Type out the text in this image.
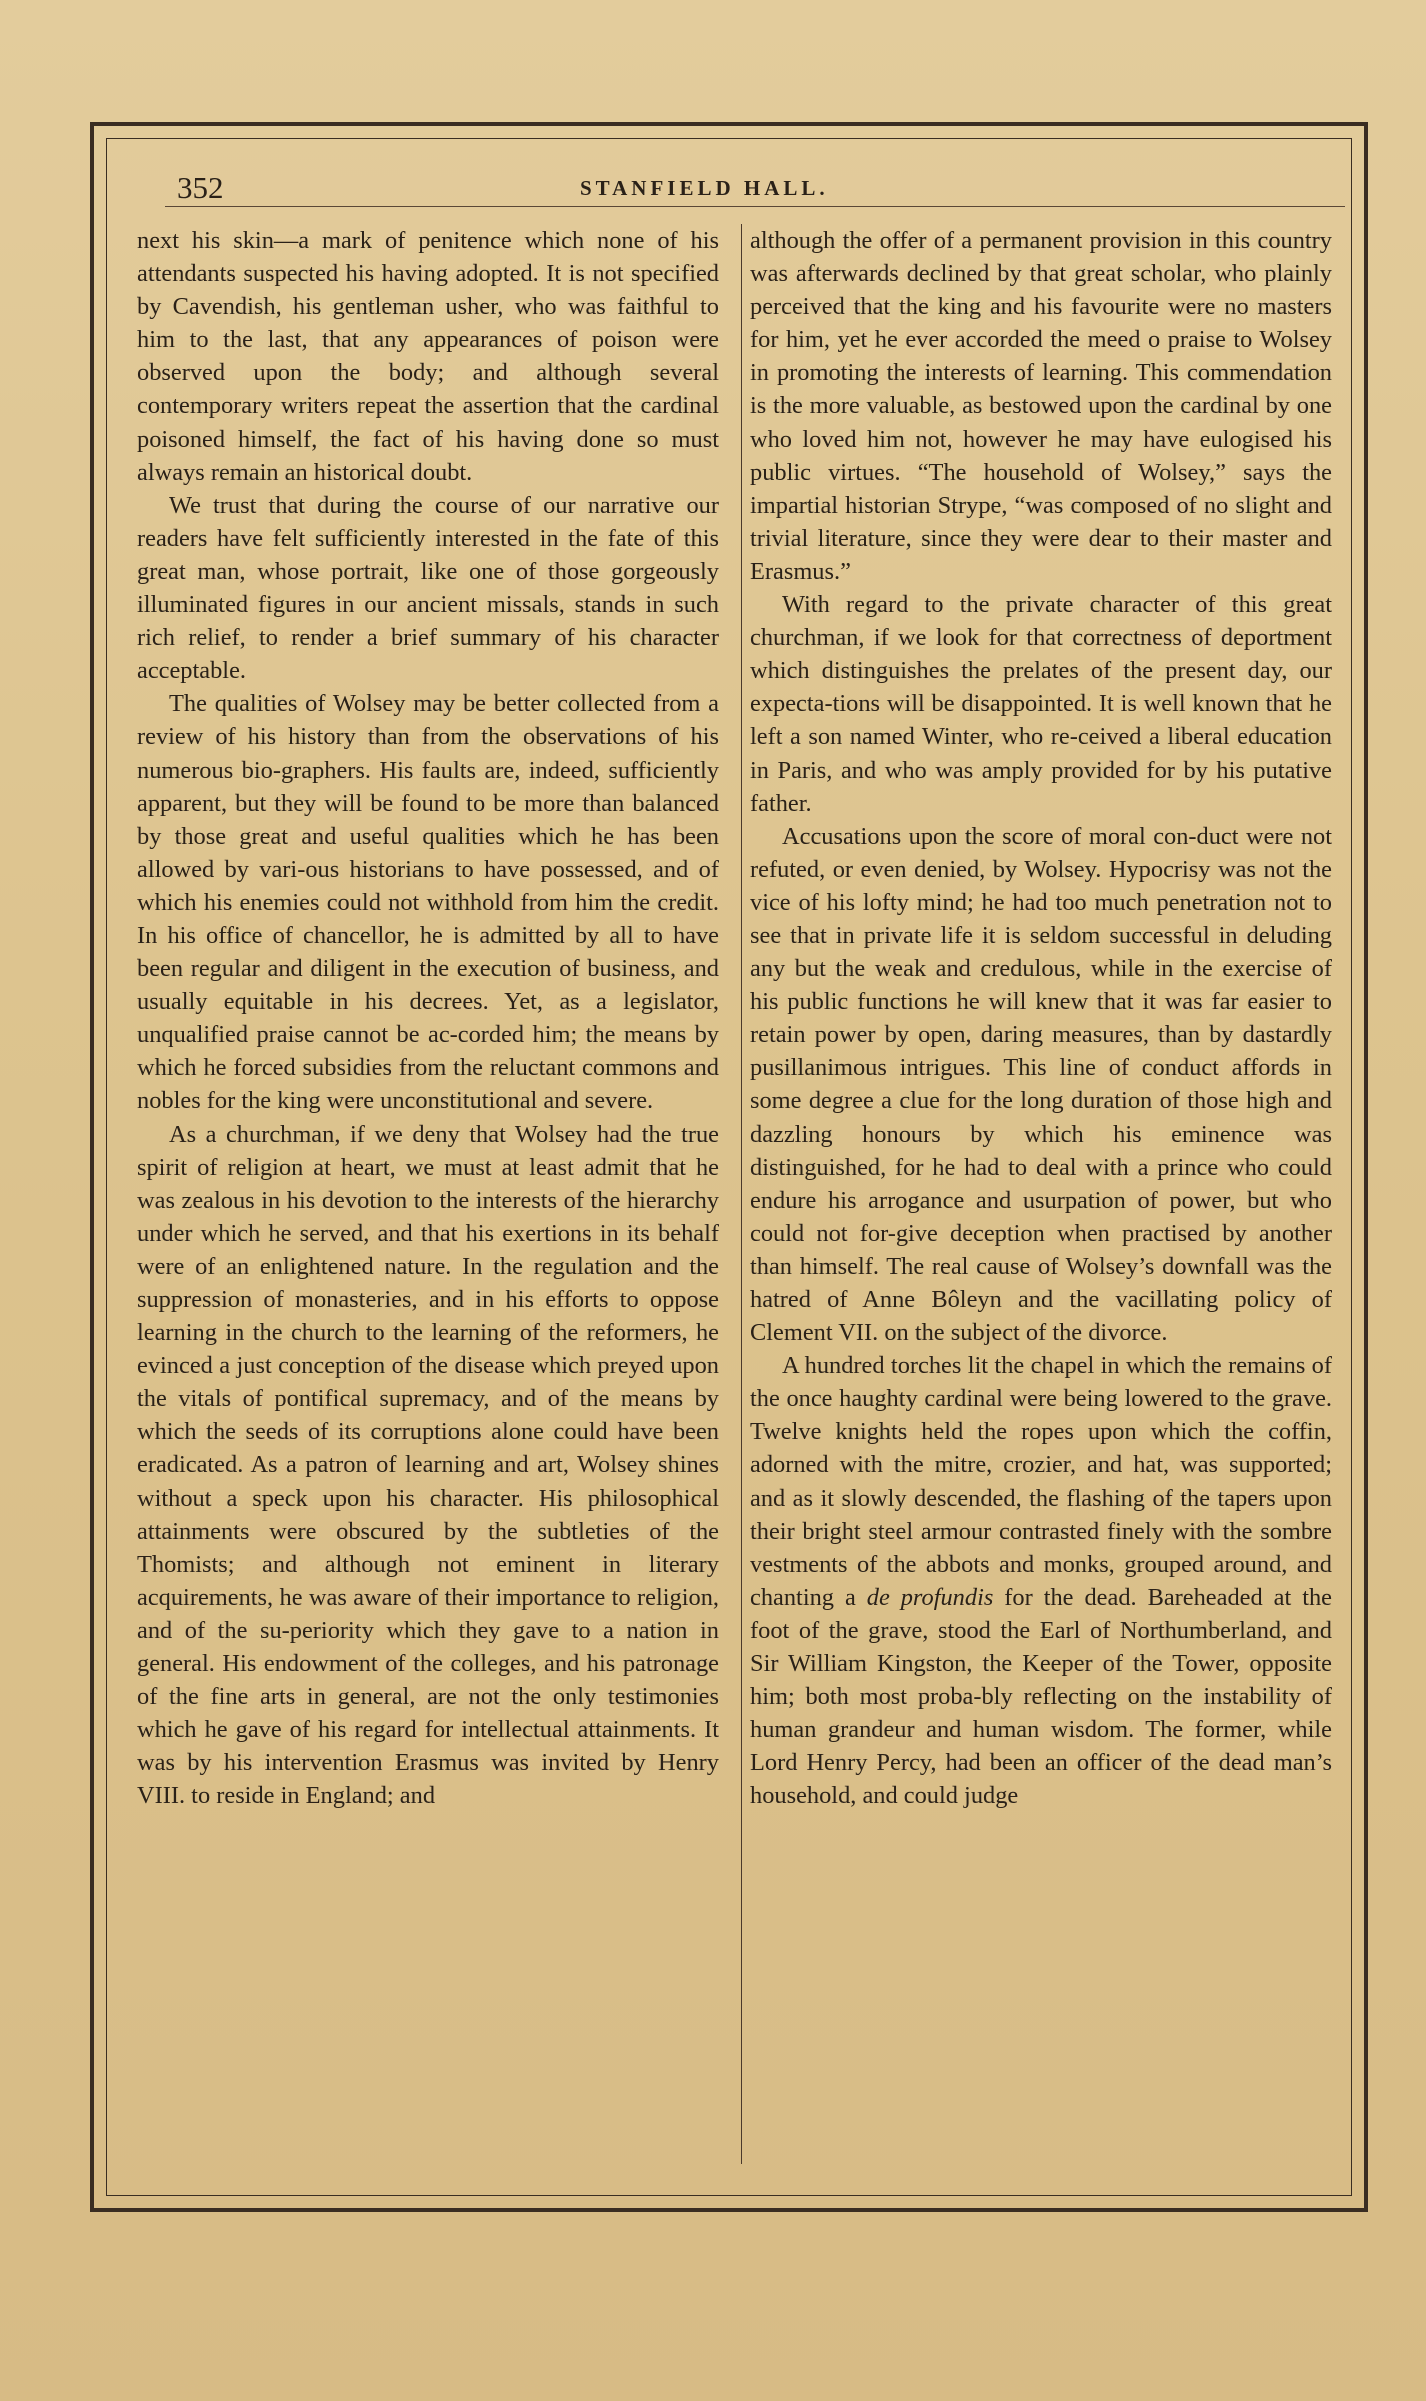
352	STANFIELD HALL.

next his skin—a mark of penitence which none of his attendants suspected his having adopted. It is not specified by Cavendish, his gentleman usher, who was faithful to him to the last, that any appearances of poison were observed upon the body; and although several contemporary writers repeat the assertion that the cardinal poisoned himself, the fact of his having done so must always remain an historical doubt.

We trust that during the course of our narrative our readers have felt sufficiently interested in the fate of this great man, whose portrait, like one of those gorgeously illuminated figures in our ancient missals, stands in such rich relief, to render a brief summary of his character acceptable.

The qualities of Wolsey may be better collected from a review of his history than from the observations of his numerous bio-graphers. His faults are, indeed, sufficiently apparent, but they will be found to be more than balanced by those great and useful qualities which he has been allowed by vari-ous historians to have possessed, and of which his enemies could not withhold from him the credit. In his office of chancellor, he is admitted by all to have been regular and diligent in the execution of business, and usually equitable in his decrees. Yet, as a legislator, unqualified praise cannot be ac-corded him; the means by which he forced subsidies from the reluctant commons and nobles for the king were unconstitutional and severe.

As a churchman, if we deny that Wolsey had the true spirit of religion at heart, we must at least admit that he was zealous in his devotion to the interests of the hierarchy under which he served, and that his exertions in its behalf were of an enlightened nature. In the regulation and the suppression of monasteries, and in his efforts to oppose learning in the church to the learning of the reformers, he evinced a just conception of the disease which preyed upon the vitals of pontifical supremacy, and of the means by which the seeds of its corruptions alone could have been eradicated. As a patron of learning and art, Wolsey shines without a speck upon his character. His philosophical attainments were obscured by the subtleties of the Thomists; and although not eminent in literary acquirements, he was aware of their importance to religion, and of the su-periority which they gave to a nation in general. His endowment of the colleges, and his patronage of the fine arts in general, are not the only testimonies which he gave of his regard for intellectual attainments. It was by his intervention Erasmus was invited by Henry VIII. to reside in England; and

although the offer of a permanent provision in this country was afterwards declined by that great scholar, who plainly perceived that the king and his favourite were no masters for him, yet he ever accorded the meed o praise to Wolsey in promoting the interests of learning. This commendation is the more valuable, as bestowed upon the cardinal by one who loved him not, however he may have eulogised his public virtues. “The household of Wolsey,” says the impartial historian Strype, “was composed of no slight and trivial literature, since they were dear to their master and Erasmus.”

With regard to the private character of this great churchman, if we look for that correctness of deportment which distinguishes the prelates of the present day, our expecta-tions will be disappointed. It is well known that he left a son named Winter, who re-ceived a liberal education in Paris, and who was amply provided for by his putative father.

Accusations upon the score of moral con-duct were not refuted, or even denied, by Wolsey. Hypocrisy was not the vice of his lofty mind; he had too much penetration not to see that in private life it is seldom successful in deluding any but the weak and credulous, while in the exercise of his public functions he will knew that it was far easier to retain power by open, daring measures, than by dastardly pusillanimous intrigues. This line of conduct affords in some degree a clue for the long duration of those high and dazzling honours by which his eminence was distinguished, for he had to deal with a prince who could endure his arrogance and usurpation of power, but who could not for-give deception when practised by another than himself. The real cause of Wolsey’s downfall was the hatred of Anne Bôleyn and the vacillating policy of Clement VII. on the subject of the divorce.

A hundred torches lit the chapel in which the remains of the once haughty cardinal were being lowered to the grave. Twelve knights held the ropes upon which the coffin, adorned with the mitre, crozier, and hat, was supported; and as it slowly descended, the flashing of the tapers upon their bright steel armour contrasted finely with the sombre vestments of the abbots and monks, grouped around, and chanting a de profundis for the dead. Bareheaded at the foot of the grave, stood the Earl of Northumberland, and Sir William Kingston, the Keeper of the Tower, opposite him; both most proba-bly reflecting on the instability of human grandeur and human wisdom. The former, while Lord Henry Percy, had been an officer of the dead man’s household, and could judge
